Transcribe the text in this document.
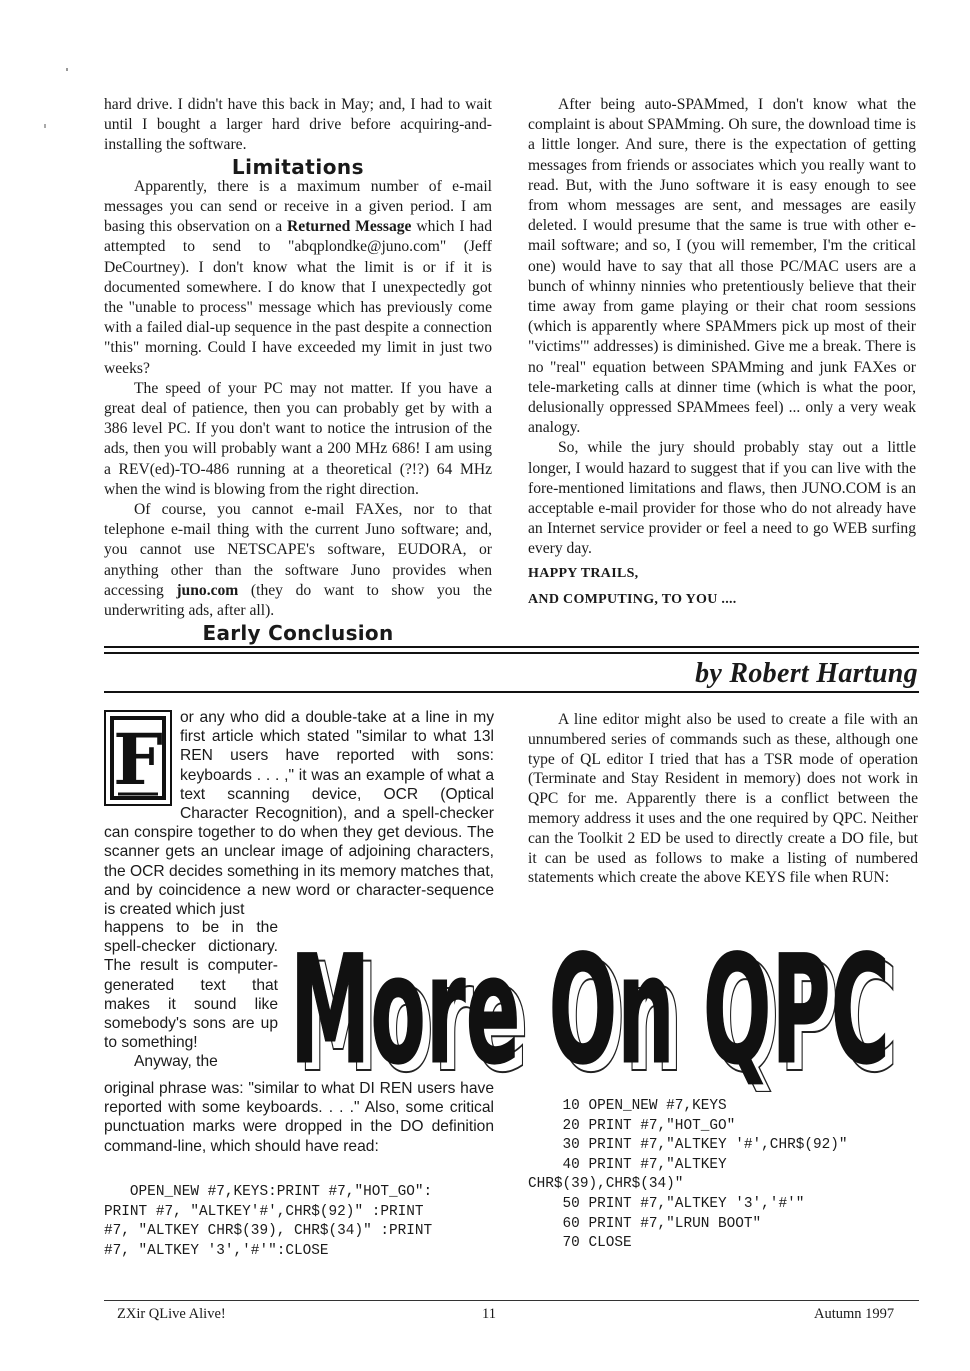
hard drive. I didn't have this back in May; and, I had to wait until I bought a larger hard drive before acquiring-and-installing the software.

Limitations

Apparently, there is a maximum number of e-mail messages you can send or receive in a given period. I am basing this observation on a Returned Message which I had attempted to send to "abqplondke@juno.com" (Jeff DeCourtney). I don't know what the limit is or if it is documented somewhere. I do know that I unexpectedly got the "unable to process" message which has previously come with a failed dial-up sequence in the past despite a connection "this" morning. Could I have exceeded my limit in just two weeks?

The speed of your PC may not matter. If you have a great deal of patience, then you can probably get by with a 386 level PC. If you don't want to notice the intrusion of the ads, then you will probably want a 200 MHz 686! I am using a REV(ed)-TO-486 running at a theoretical (?!?) 64 MHz when the wind is blowing from the right direction.

Of course, you cannot e-mail FAXes, nor to that telephone e-mail thing with the current Juno software; and, you cannot use NETSCAPE's software, EUDORA, or anything other than the software Juno provides when accessing juno.com (they do want to show you the underwriting ads, after all).

Early Conclusion

After being auto-SPAMmed, I don't know what the complaint is about SPAMming. Oh sure, the download time is a little longer. And sure, there is the expectation of getting messages from friends or associates which you really want to read. But, with the Juno software it is easy enough to see from whom messages are sent, and messages are easily deleted. I would presume that the same is true with other e-mail software; and so, I (you will remember, I'm the critical one) would have to say that all those PC/MAC users are a bunch of whinny ninnies who pretentiously believe that their time away from game playing or their chat room sessions (which is apparently where SPAMmers pick up most of their "victims'" addresses) is diminished. Give me a break. There is no "real" equation between SPAMming and junk FAXes or tele-marketing calls at dinner time (which is what the poor, delusionally oppressed SPAMmees feel) ... only a very weak analogy.

So, while the jury should probably stay out a little longer, I would hazard to suggest that if you can live with the fore-mentioned limitations and flaws, then JUNO.COM is an acceptable e-mail provider for those who do not already have an Internet service provider or feel a need to go WEB surfing every day.

HAPPY TRAILS,
AND COMPUTING, TO YOU ....
by Robert Hartung
F

or any who did a double-take at a line in my first article which stated "similar to what 13l REN users have reported with sons: keyboards . . . ," it was an example of what a text scanning device, OCR (Optical Character Recognition), and a spell-checker can conspire together to do when they get devious. The scanner gets an unclear image of adjoining characters, the OCR decides something in its memory matches that, and by coincidence a new word or character-sequence is created which just

happens to be in the spell-checker dictionary. The result is computer-generated text that makes it sound like somebody's sons are up to something!

Anyway, the

original phrase was: "similar to what DI REN users have reported with some keyboards. . . ." Also, some critical punctuation marks were dropped in the DO definition command-line, which should have read:

OPEN_NEW #7,KEYS:PRINT #7,"HOT_GO":
PRINT #7, "ALTKEY'#',CHR$(92)" :PRINT
#7, "ALTKEY CHR$(39), CHR$(34)" :PRINT
#7, "ALTKEY '3','#'":CLOSE

A line editor might also be used to create a file with an unnumbered series of commands such as these, although one type of QL editor I tried that has a TSR mode of operation (Terminate and Stay Resident in memory) does not work in QPC for me. Apparently there is a conflict between the memory address it uses and the one required by QPC. Neither can the Toolkit 2 ED be used to directly create a DO file, but it can be used as follows to make a listing of numbered statements which create the above KEYS file when RUN:

More On QPC
More On QPC
10 OPEN_NEW #7,KEYS
20 PRINT #7,"HOT_GO"
30 PRINT #7,"ALTKEY '#',CHR$(92)"
40 PRINT #7,"ALTKEY
CHR$(39),CHR$(34)"
50 PRINT #7,"ALTKEY '3','#'"
60 PRINT #7,"LRUN BOOT"
70 CLOSE
ZXir QLive Alive!	11	Autumn 1997
